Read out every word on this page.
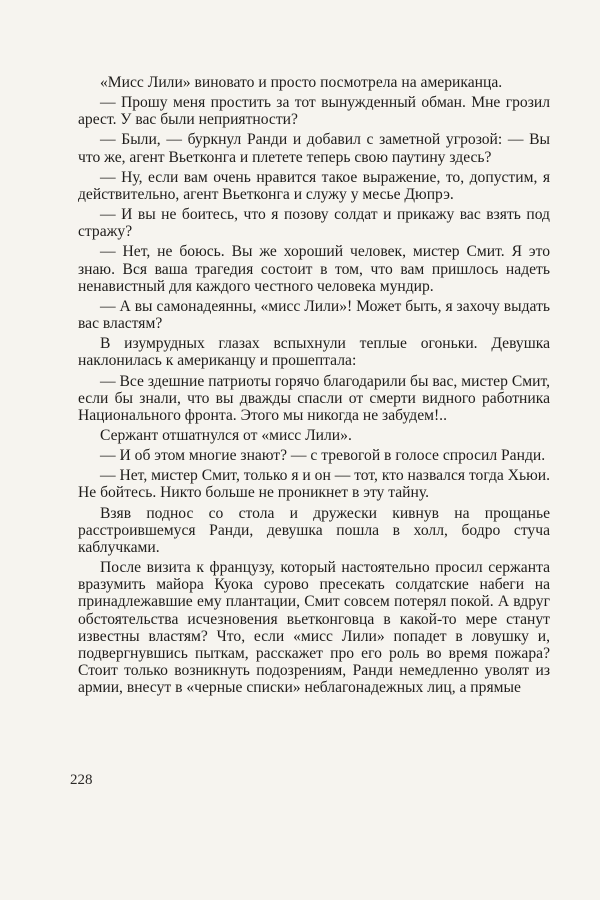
«Мисс Лили» виновато и просто посмотрела на американца.

— Прошу меня простить за тот вынужденный обман. Мне грозил арест. У вас были неприятности?

— Были, — буркнул Ранди и добавил с заметной угрозой: — Вы что же, агент Вьетконга и плетете теперь свою паутину здесь?

— Ну, если вам очень нравится такое выражение, то, допустим, я действительно, агент Вьетконга и служу у месье Дюпрэ.

— И вы не боитесь, что я позову солдат и прикажу вас взять под стражу?

— Нет, не боюсь. Вы же хороший человек, мистер Смит. Я это знаю. Вся ваша трагедия состоит в том, что вам пришлось надеть ненавистный для каждого честного человека мундир.

— А вы самонадеянны, «мисс Лили»! Может быть, я захочу выдать вас властям?

В изумрудных глазах вспыхнули теплые огоньки. Девушка наклонилась к американцу и прошептала:

— Все здешние патриоты горячо благодарили бы вас, мистер Смит, если бы знали, что вы дважды спасли от смерти видного работника Национального фронта. Этого мы никогда не забудем!..

Сержант отшатнулся от «мисс Лили».

— И об этом многие знают? — с тревогой в голосе спросил Ранди.

— Нет, мистер Смит, только я и он — тот, кто назвался тогда Хьюи. Не бойтесь. Никто больше не проникнет в эту тайну.

Взяв поднос со стола и дружески кивнув на прощанье расстроившемуся Ранди, девушка пошла в холл, бодро стуча каблучками.

После визита к французу, который настоятельно просил сержанта вразумить майора Куока сурово пресекать солдатские набеги на принадлежавшие ему плантации, Смит совсем потерял покой. А вдруг обстоятельства исчезновения вьетконговца в какой-то мере станут известны властям? Что, если «мисс Лили» попадет в ловушку и, подвергнувшись пыткам, расскажет про его роль во время пожара? Стоит только возникнуть подозрениям, Ранди немедленно уволят из армии, внесут в «черные списки» неблагонадежных лиц, а прямые

228
